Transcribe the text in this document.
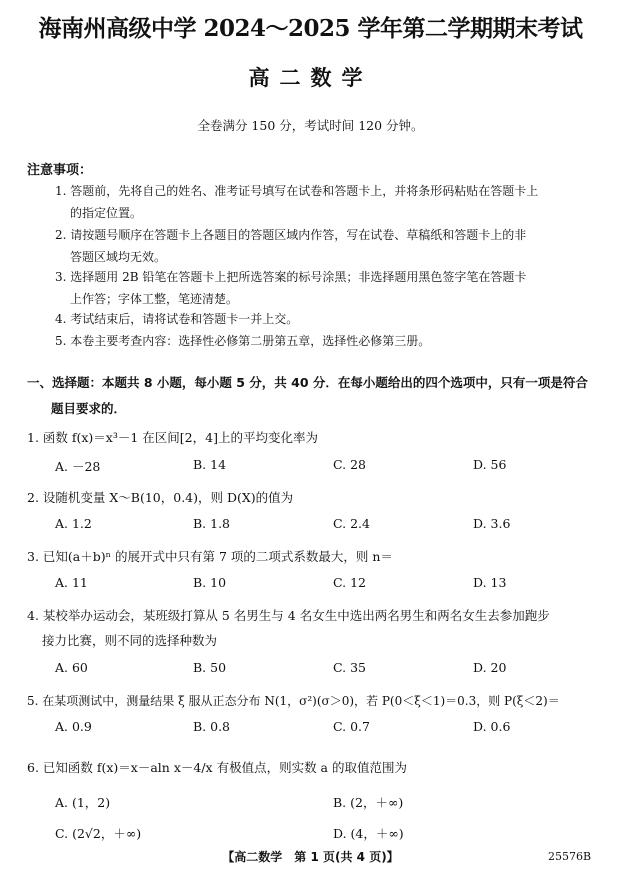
海南州高级中学 2024～2025 学年第二学期期末考试
高二数学
全卷满分 150 分，考试时间 120 分钟。
注意事项：
1. 答题前，先将自己的姓名、准考证号填写在试卷和答题卡上，并将条形码粘贴在答题卡上
的指定位置。
2. 请按题号顺序在答题卡上各题目的答题区域内作答，写在试卷、草稿纸和答题卡上的非
答题区域均无效。
3. 选择题用 2B 铅笔在答题卡上把所选答案的标号涂黑；非选择题用黑色签字笔在答题卡
上作答；字体工整，笔迹清楚。
4. 考试结束后，请将试卷和答题卡一并上交。
5. 本卷主要考查内容：选择性必修第二册第五章，选择性必修第三册。
一、选择题：本题共 8 小题，每小题 5 分，共 40 分．在每小题给出的四个选项中，只有一项是符合
题目要求的．
1. 函数 f(x)＝x³－1 在区间[2，4]上的平均变化率为
A. －28	B. 14	C. 28	D. 56
2. 设随机变量 X～B(10，0.4)，则 D(X)的值为
A. 1.2	B. 1.8	C. 2.4	D. 3.6
3. 已知(a＋b)ⁿ 的展开式中只有第 7 项的二项式系数最大，则 n＝
A. 11	B. 10	C. 12	D. 13
4. 某校举办运动会，某班级打算从 5 名男生与 4 名女生中选出两名男生和两名女生去参加跑步
接力比赛，则不同的选择种数为
A. 60	B. 50	C. 35	D. 20
5. 在某项测试中，测量结果 ξ 服从正态分布 N(1，σ²)(σ＞0)，若 P(0＜ξ＜1)＝0.3，则 P(ξ＜2)＝
A. 0.9	B. 0.8	C. 0.7	D. 0.6
6. 已知函数 f(x)＝x－aln x－4/x 有极值点，则实数 a 的取值范围为
A. (1，2)	B. (2，＋∞)
C. (2√2，＋∞)	D. (4，＋∞)
【高二数学　第 1 页(共 4 页)】	25576B
